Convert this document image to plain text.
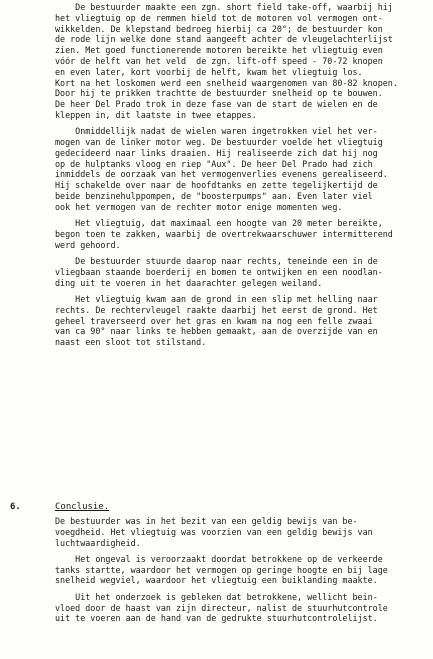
De bestuurder maakte een zgn. short field take-off, waarbij hij
het vliegtuig op de remmen hield tot de motoren vol vermogen ont-
wikkelden. De klepstand bedroeg hierbij ca 20°; de bestuurder kon
de rode lijn welke done stand aangeeft achter de vleugelachterlijst
zien. Met goed functionerende motoren bereikte het vliegtuig even
vóór de helft van het veld  de zgn. lift-off speed - 70-72 knopen
en even later, kort voorbij de helft, kwam het vliegtuig los.
Kort na het loskomen werd een snelheid waargenomen van 80-82 knopen.
Door hij te prikken trachtte de bestuurder snelheid op te bouwen.
De heer Del Prado trok in deze fase van de start de wielen en de
kleppen in, dit laatste in twee etappes.
Onmiddellijk nadat de wielen waren ingetrokken viel het ver-
mogen van de linker motor weg. De bestuurder voelde het vliegtuig
gedecideerd naar links draaien. Hij realiseerde zich dat hij nog
op de hulptanks vloog en riep "Aux". De heer Del Prado had zich
inmiddels de oorzaak van het vermogenverlies evenens gerealiseerd.
Hij schakelde over naar de hoofdtanks en zette tegelijkertijd de
beide benzinehulppompen, de "boosterpumps" aan. Even later viel
ook het vermogen van de rechter motor enige momenten weg.
Het vliegtuig, dat maximaal een hoogte van 20 meter bereikte,
begon toen te zakken, waarbij de overtrekwaarschuwer intermitterend
werd gehoord.
De bestuurder stuurde daarop naar rechts, teneinde een in de
vliegbaan staande boerderij en bomen te ontwijken en een noodlan-
ding uit te voeren in het daarachter gelegen weiland.
Het vliegtuig kwam aan de grond in een slip met helling naar
rechts. De rechtervleugel raakte daarbij het eerst de grond. Het
geheel traverseerd over het gras en kwam na nog een felle zwaai
van ca 90° naar links te hebben gemaakt, aan de overzijde van en
naast een sloot tot stilstand.
6.	Conclusie.
De bestuurder was in het bezit van een geldig bewijs van be-
voegdheid. Het vliegtuig was voorzien van een geldig bewijs van
luchtwaardigheid.
Het ongeval is veroorzaakt doordat betrokkene op de verkeerde
tanks startte, waardoor het vermogen op geringe hoogte en bij lage
snelheid wegviel, waardoor het vliegtuig een buiklanding maakte.
Uit het onderzoek is gebleken dat betrokkene, wellicht bein-
vloed door de haast van zijn directeur, nalist de stuurhutcontrole
uit te voeren aan de hand van de gedrukte stuurhutcontrolelijst.
